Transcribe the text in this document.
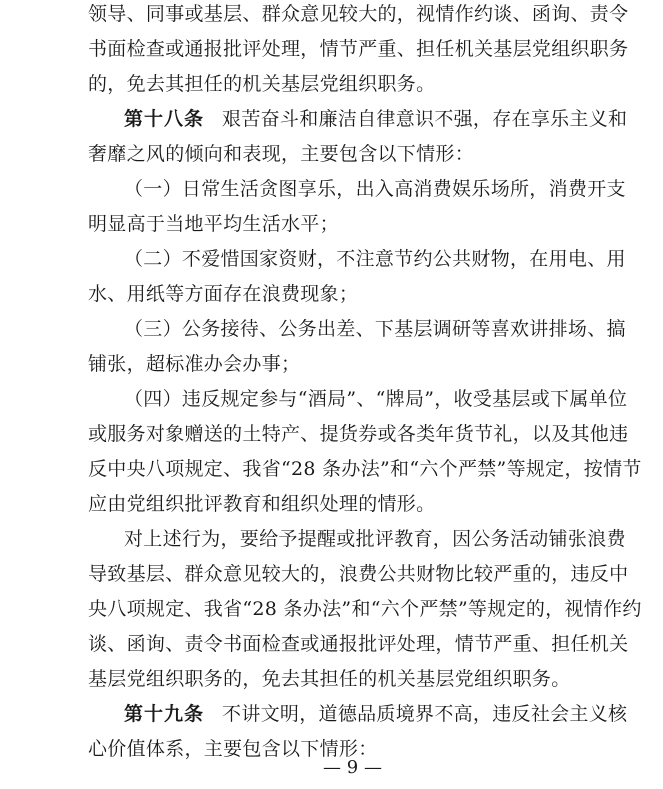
领导、同事或基层、群众意见较大的，视情作约谈、函询、责令
书面检查或通报批评处理，情节严重、担任机关基层党组织职务
的，免去其担任的机关基层党组织职务。
第十八条 艰苦奋斗和廉洁自律意识不强，存在享乐主义和
奢靡之风的倾向和表现，主要包含以下情形：
（一）日常生活贪图享乐，出入高消费娱乐场所，消费开支
明显高于当地平均生活水平；
（二）不爱惜国家资财，不注意节约公共财物，在用电、用
水、用纸等方面存在浪费现象；
（三）公务接待、公务出差、下基层调研等喜欢讲排场、搞
铺张，超标准办会办事；
（四）违反规定参与“酒局”、“牌局”，收受基层或下属单位
或服务对象赠送的土特产、提货券或各类年货节礼，以及其他违
反中央八项规定、我省“28 条办法”和“六个严禁”等规定，按情节
应由党组织批评教育和组织处理的情形。
对上述行为，要给予提醒或批评教育，因公务活动铺张浪费
导致基层、群众意见较大的，浪费公共财物比较严重的，违反中
央八项规定、我省“28 条办法”和“六个严禁”等规定的，视情作约
谈、函询、责令书面检查或通报批评处理，情节严重、担任机关
基层党组织职务的，免去其担任的机关基层党组织职务。
第十九条 不讲文明，道德品质境界不高，违反社会主义核
心价值体系，主要包含以下情形：
— 9 —
